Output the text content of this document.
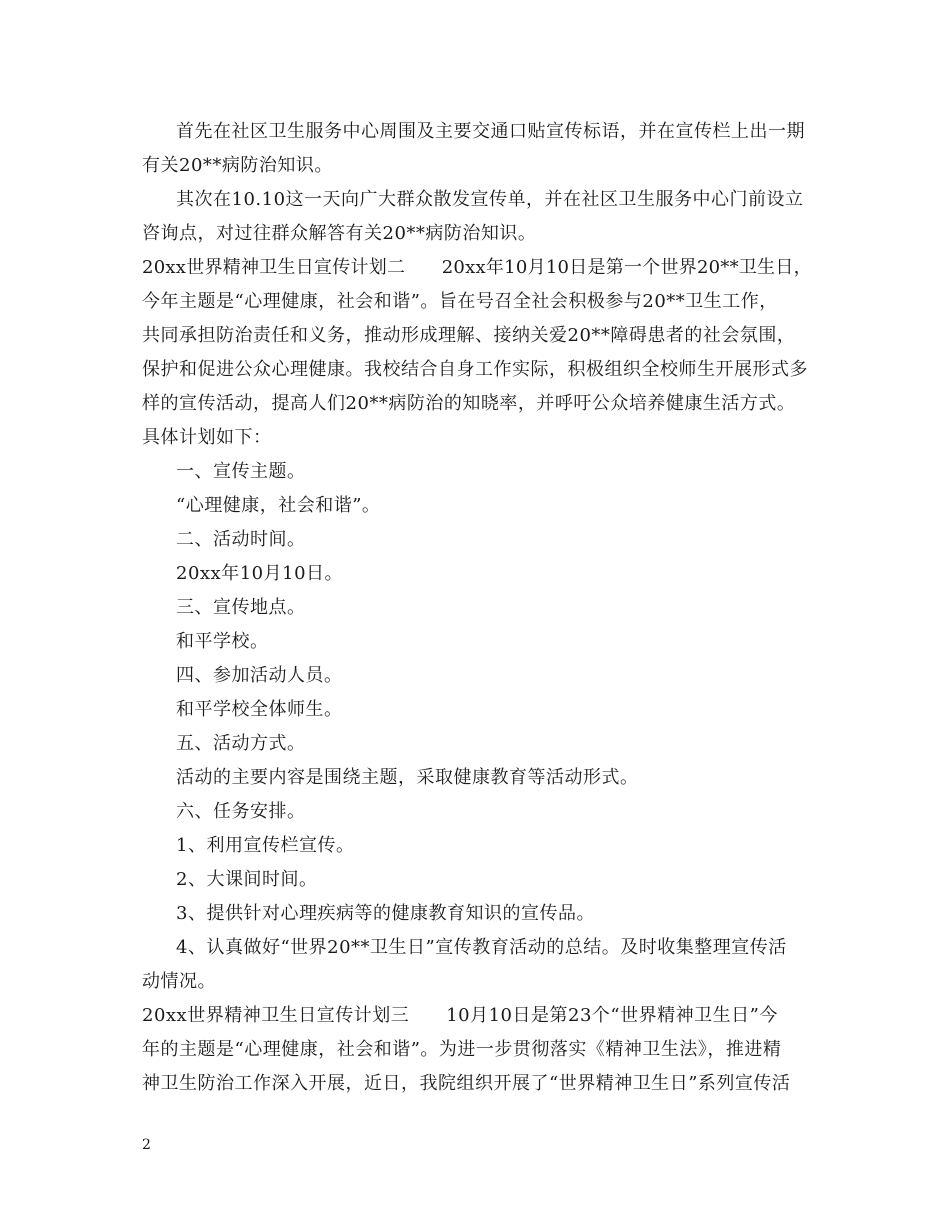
首先在社区卫生服务中心周围及主要交通口贴宣传标语，并在宣传栏上出一期
有关20**病防治知识。
其次在10.10这一天向广大群众散发宣传单，并在社区卫生服务中心门前设立
咨询点，对过往群众解答有关20**病防治知识。
20xx世界精神卫生日宣传计划二　　20xx年10月10日是第一个世界20**卫生日，
今年主题是“心理健康，社会和谐”。旨在号召全社会积极参与20**卫生工作，
共同承担防治责任和义务，推动形成理解、接纳关爱20**障碍患者的社会氛围，
保护和促进公众心理健康。我校结合自身工作实际，积极组织全校师生开展形式多
样的宣传活动，提高人们20**病防治的知晓率，并呼吁公众培养健康生活方式。
具体计划如下：
一、宣传主题。
“心理健康，社会和谐”。
二、活动时间。
20xx年10月10日。
三、宣传地点。
和平学校。
四、参加活动人员。
和平学校全体师生。
五、活动方式。
活动的主要内容是围绕主题，采取健康教育等活动形式。
六、任务安排。
1、利用宣传栏宣传。
2、大课间时间。
3、提供针对心理疾病等的健康教育知识的宣传品。
4、认真做好“世界20**卫生日”宣传教育活动的总结。及时收集整理宣传活
动情况。
20xx世界精神卫生日宣传计划三　　10月10日是第23个“世界精神卫生日”今
年的主题是“心理健康，社会和谐”。为进一步贯彻落实《精神卫生法》，推进精
神卫生防治工作深入开展，近日，我院组织开展了“世界精神卫生日”系列宣传活
2
